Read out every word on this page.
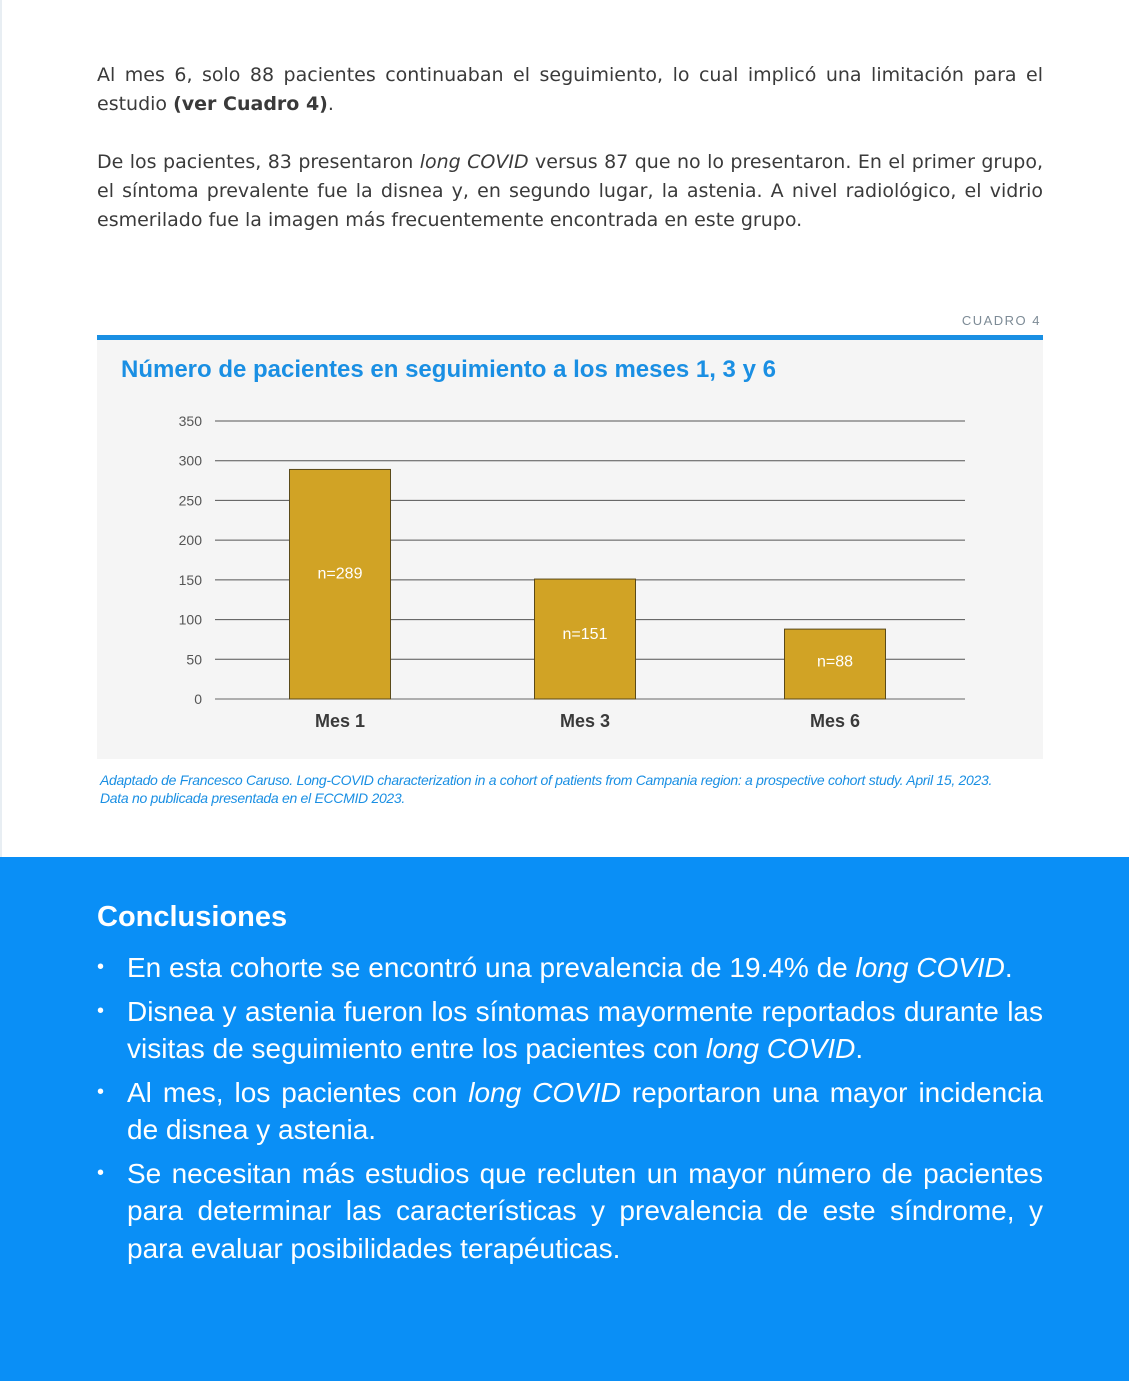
Al mes 6, solo 88 pacientes continuaban el seguimiento, lo cual implicó una limitación para el estudio (ver Cuadro 4).

De los pacientes, 83 presentaron long COVID versus 87 que no lo presentaron. En el primer grupo, el síntoma prevalente fue la disnea y, en segundo lugar, la astenia. A nivel radiológico, el vidrio esmerilado fue la imagen más frecuentemente encontrada en este grupo.

CUADRO 4
Número de pacientes en seguimiento a los meses 1, 3 y 6
0
50
100
150
200
250
300
350
n=289
Mes 1
n=151
Mes 3
n=88
Mes 6

Adaptado de Francesco Caruso. Long-COVID characterization in a cohort of patients from Campania region: a prospective cohort study. April 15, 2023. Data no publicada presentada en el ECCMID 2023.

Conclusiones
• En esta cohorte se encontró una prevalencia de 19.4% de long COVID.
• Disnea y astenia fueron los síntomas mayormente reportados durante las visitas de seguimiento entre los pacientes con long COVID.
• Al mes, los pacientes con long COVID reportaron una mayor incidencia de disnea y astenia.
• Se necesitan más estudios que recluten un mayor número de pacientes para determinar las características y prevalencia de este síndrome, y para evaluar posibilidades terapéuticas.
